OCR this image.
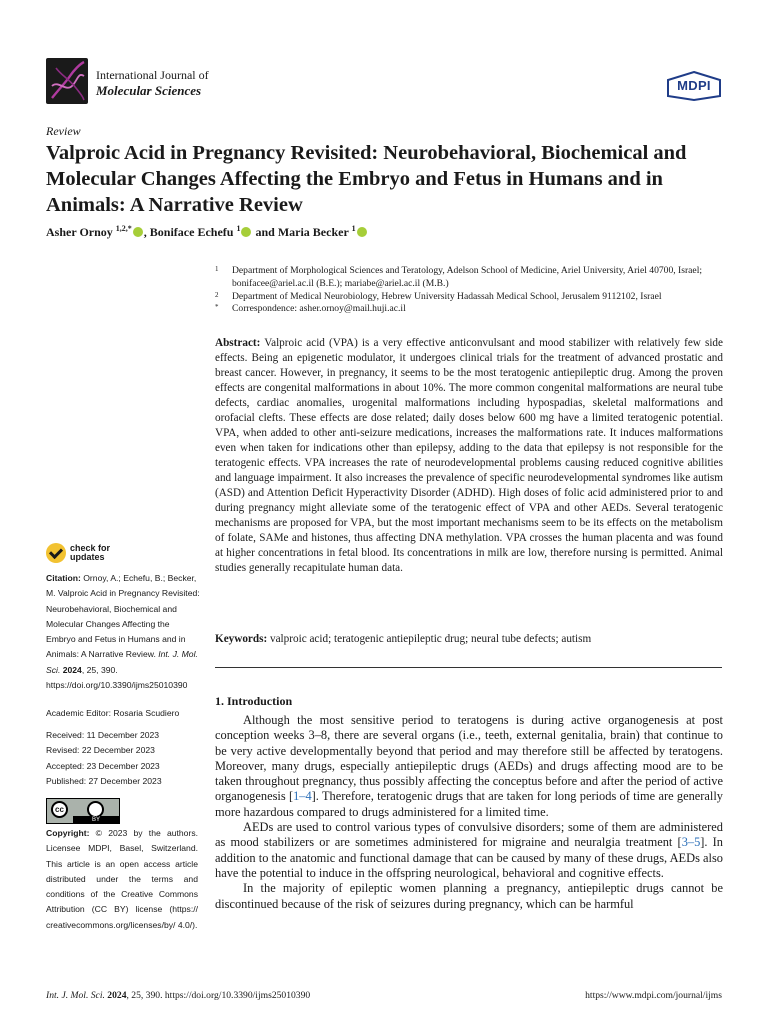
International Journal of
Molecular Sciences	MDPI
Review
Valproic Acid in Pregnancy Revisited: Neurobehavioral, Biochemical and Molecular Changes Affecting the Embryo and Fetus in Humans and in Animals: A Narrative Review
Asher Ornoy $^{1,2,*}$ , Boniface Echefu $^1$ and Maria Becker $^1$
1 Department of Morphological Sciences and Teratology, Adelson School of Medicine, Ariel University, Ariel 40700, Israel; bonifacee@ariel.ac.il (B.E.); mariabe@ariel.ac.il (M.B.)
2 Department of Medical Neurobiology, Hebrew University Hadassah Medical School, Jerusalem 9112102, Israel
* Correspondence: asher.ornoy@mail.huji.ac.il
Abstract: Valproic acid (VPA) is a very effective anticonvulsant and mood stabilizer with relatively few side effects. Being an epigenetic modulator, it undergoes clinical trials for the treatment of advanced prostatic and breast cancer. However, in pregnancy, it seems to be the most teratogenic antiepileptic drug. Among the proven effects are congenital malformations in about 10%. The more common congenital malformations are neural tube defects, cardiac anomalies, urogenital malformations including hypospadias, skeletal malformations and orofacial clefts. These effects are dose related; daily doses below 600 mg have a limited teratogenic potential. VPA, when added to other anti-seizure medications, increases the malformations rate. It induces malformations even when taken for indications other than epilepsy, adding to the data that epilepsy is not responsible for the teratogenic effects. VPA increases the rate of neurodevelopmental problems causing reduced cognitive abilities and language impairment. It also increases the prevalence of specific neurodevelopmental syndromes like autism (ASD) and Attention Deficit Hyperactivity Disorder (ADHD). High doses of folic acid administered prior to and during pregnancy might alleviate some of the teratogenic effect of VPA and other AEDs. Several teratogenic mechanisms are proposed for VPA, but the most important mechanisms seem to be its effects on the metabolism of folate, SAMe and histones, thus affecting DNA methylation. VPA crosses the human placenta and was found at higher concentrations in fetal blood. Its concentrations in milk are low, therefore nursing is permitted. Animal studies generally recapitulate human data.
Keywords: valproic acid; teratogenic antiepileptic drug; neural tube defects; autism
check for
updates
Citation: Ornoy, A.; Echefu, B.; Becker, M. Valproic Acid in Pregnancy Revisited: Neurobehavioral, Biochemical and Molecular Changes Affecting the Embryo and Fetus in Humans and in Animals: A Narrative Review. Int. J. Mol. Sci. 2024, 25, 390. https://doi.org/10.3390/ijms25010390
Academic Editor: Rosaria Scudiero
Received: 11 December 2023
Revised: 22 December 2023
Accepted: 23 December 2023
Published: 27 December 2023
cc
BY
Copyright: © 2023 by the authors. Licensee MDPI, Basel, Switzerland. This article is an open access article distributed under the terms and conditions of the Creative Commons Attribution (CC BY) license (https:// creativecommons.org/licenses/by/ 4.0/).
1. Introduction

Although the most sensitive period to teratogens is during active organogenesis at post conception weeks 3–8, there are several organs (i.e., teeth, external genitalia, brain) that continue to be very active developmentally beyond that period and may therefore still be affected by teratogens. Moreover, many drugs, especially antiepileptic drugs (AEDs) and drugs affecting mood are to be taken throughout pregnancy, thus possibly affecting the conceptus before and after the period of active organogenesis [1–4]. Therefore, teratogenic drugs that are taken for long periods of time are generally more hazardous compared to drugs administered for a limited time.

AEDs are used to control various types of convulsive disorders; some of them are administered as mood stabilizers or are sometimes administered for migraine and neuralgia treatment [3–5]. In addition to the anatomic and functional damage that can be caused by many of these drugs, AEDs also have the potential to induce in the offspring neurological, behavioral and cognitive effects.

In the majority of epileptic women planning a pregnancy, antiepileptic drugs cannot be discontinued because of the risk of seizures during pregnancy, which can be harmful

Int. J. Mol. Sci. 2024, 25, 390. https://doi.org/10.3390/ijms25010390	https://www.mdpi.com/journal/ijms
